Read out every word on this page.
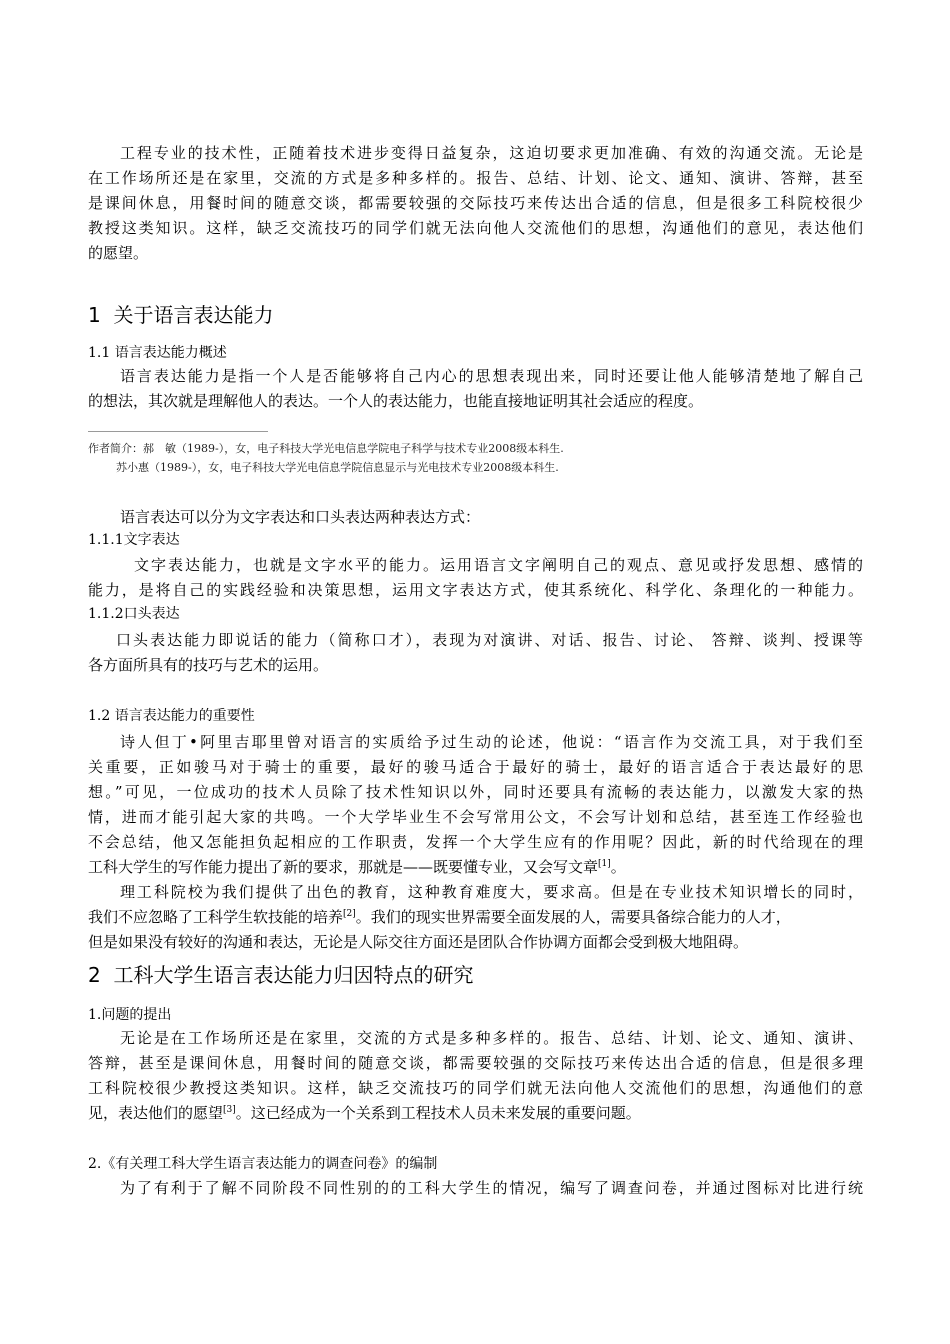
工程专业的技术性，正随着技术进步变得日益复杂，这迫切要求更加准确、有效的沟通交流。无论是
在工作场所还是在家里，交流的方式是多种多样的。报告、总结、计划、论文、通知、演讲、答辩，甚至
是课间休息，用餐时间的随意交谈，都需要较强的交际技巧来传达出合适的信息，但是很多工科院校很少
教授这类知识。这样，缺乏交流技巧的同学们就无法向他人交流他们的思想，沟通他们的意见，表达他们
的愿望。
1 关于语言表达能力
1.1 语言表达能力概述
语言表达能力是指一个人是否能够将自己内心的思想表现出来，同时还要让他人能够清楚地了解自己
的想法，其次就是理解他人的表达。一个人的表达能力，也能直接地证明其社会适应的程度。
作者简介：郝　敏（1989-），女，电子科技大学光电信息学院电子科学与技术专业2008级本科生.
苏小惠（1989-），女，电子科技大学光电信息学院信息显示与光电技术专业2008级本科生.
语言表达可以分为文字表达和口头表达两种表达方式：
1.1.1文字表达
文字表达能力，也就是文字水平的能力。运用语言文字阐明自己的观点、意见或抒发思想、感情的
能力，是将自己的实践经验和决策思想，运用文字表达方式，使其系统化、科学化、条理化的一种能力。
1.1.2口头表达
口头表达能力即说话的能力（简称口才），表现为对演讲、对话、报告、讨论、 答辩、谈判、授课等
各方面所具有的技巧与艺术的运用。
1.2 语言表达能力的重要性
诗人但丁•阿里吉耶里曾对语言的实质给予过生动的论述，他说：“语言作为交流工具，对于我们至
关重要，正如骏马对于骑士的重要，最好的骏马适合于最好的骑士，最好的语言适合于表达最好的思
想。”可见，一位成功的技术人员除了技术性知识以外，同时还要具有流畅的表达能力，以激发大家的热
情，进而才能引起大家的共鸣。一个大学毕业生不会写常用公文，不会写计划和总结，甚至连工作经验也
不会总结，他又怎能担负起相应的工作职责，发挥一个大学生应有的作用呢？因此，新的时代给现在的理
工科大学生的写作能力提出了新的要求，那就是——既要懂专业，又会写文章[1]。
理工科院校为我们提供了出色的教育，这种教育难度大，要求高。但是在专业技术知识增长的同时，
我们不应忽略了工科学生软技能的培养[2]。我们的现实世界需要全面发展的人，需要具备综合能力的人才，
但是如果没有较好的沟通和表达，无论是人际交往方面还是团队合作协调方面都会受到极大地阻碍。
2 工科大学生语言表达能力归因特点的研究
1.问题的提出
无论是在工作场所还是在家里，交流的方式是多种多样的。报告、总结、计划、论文、通知、演讲、
答辩，甚至是课间休息，用餐时间的随意交谈，都需要较强的交际技巧来传达出合适的信息，但是很多理
工科院校很少教授这类知识。这样，缺乏交流技巧的同学们就无法向他人交流他们的思想，沟通他们的意
见，表达他们的愿望[3]。这已经成为一个关系到工程技术人员未来发展的重要问题。
2.《有关理工科大学生语言表达能力的调查问卷》的编制
为了有利于了解不同阶段不同性别的的工科大学生的情况，编写了调查问卷，并通过图标对比进行统
